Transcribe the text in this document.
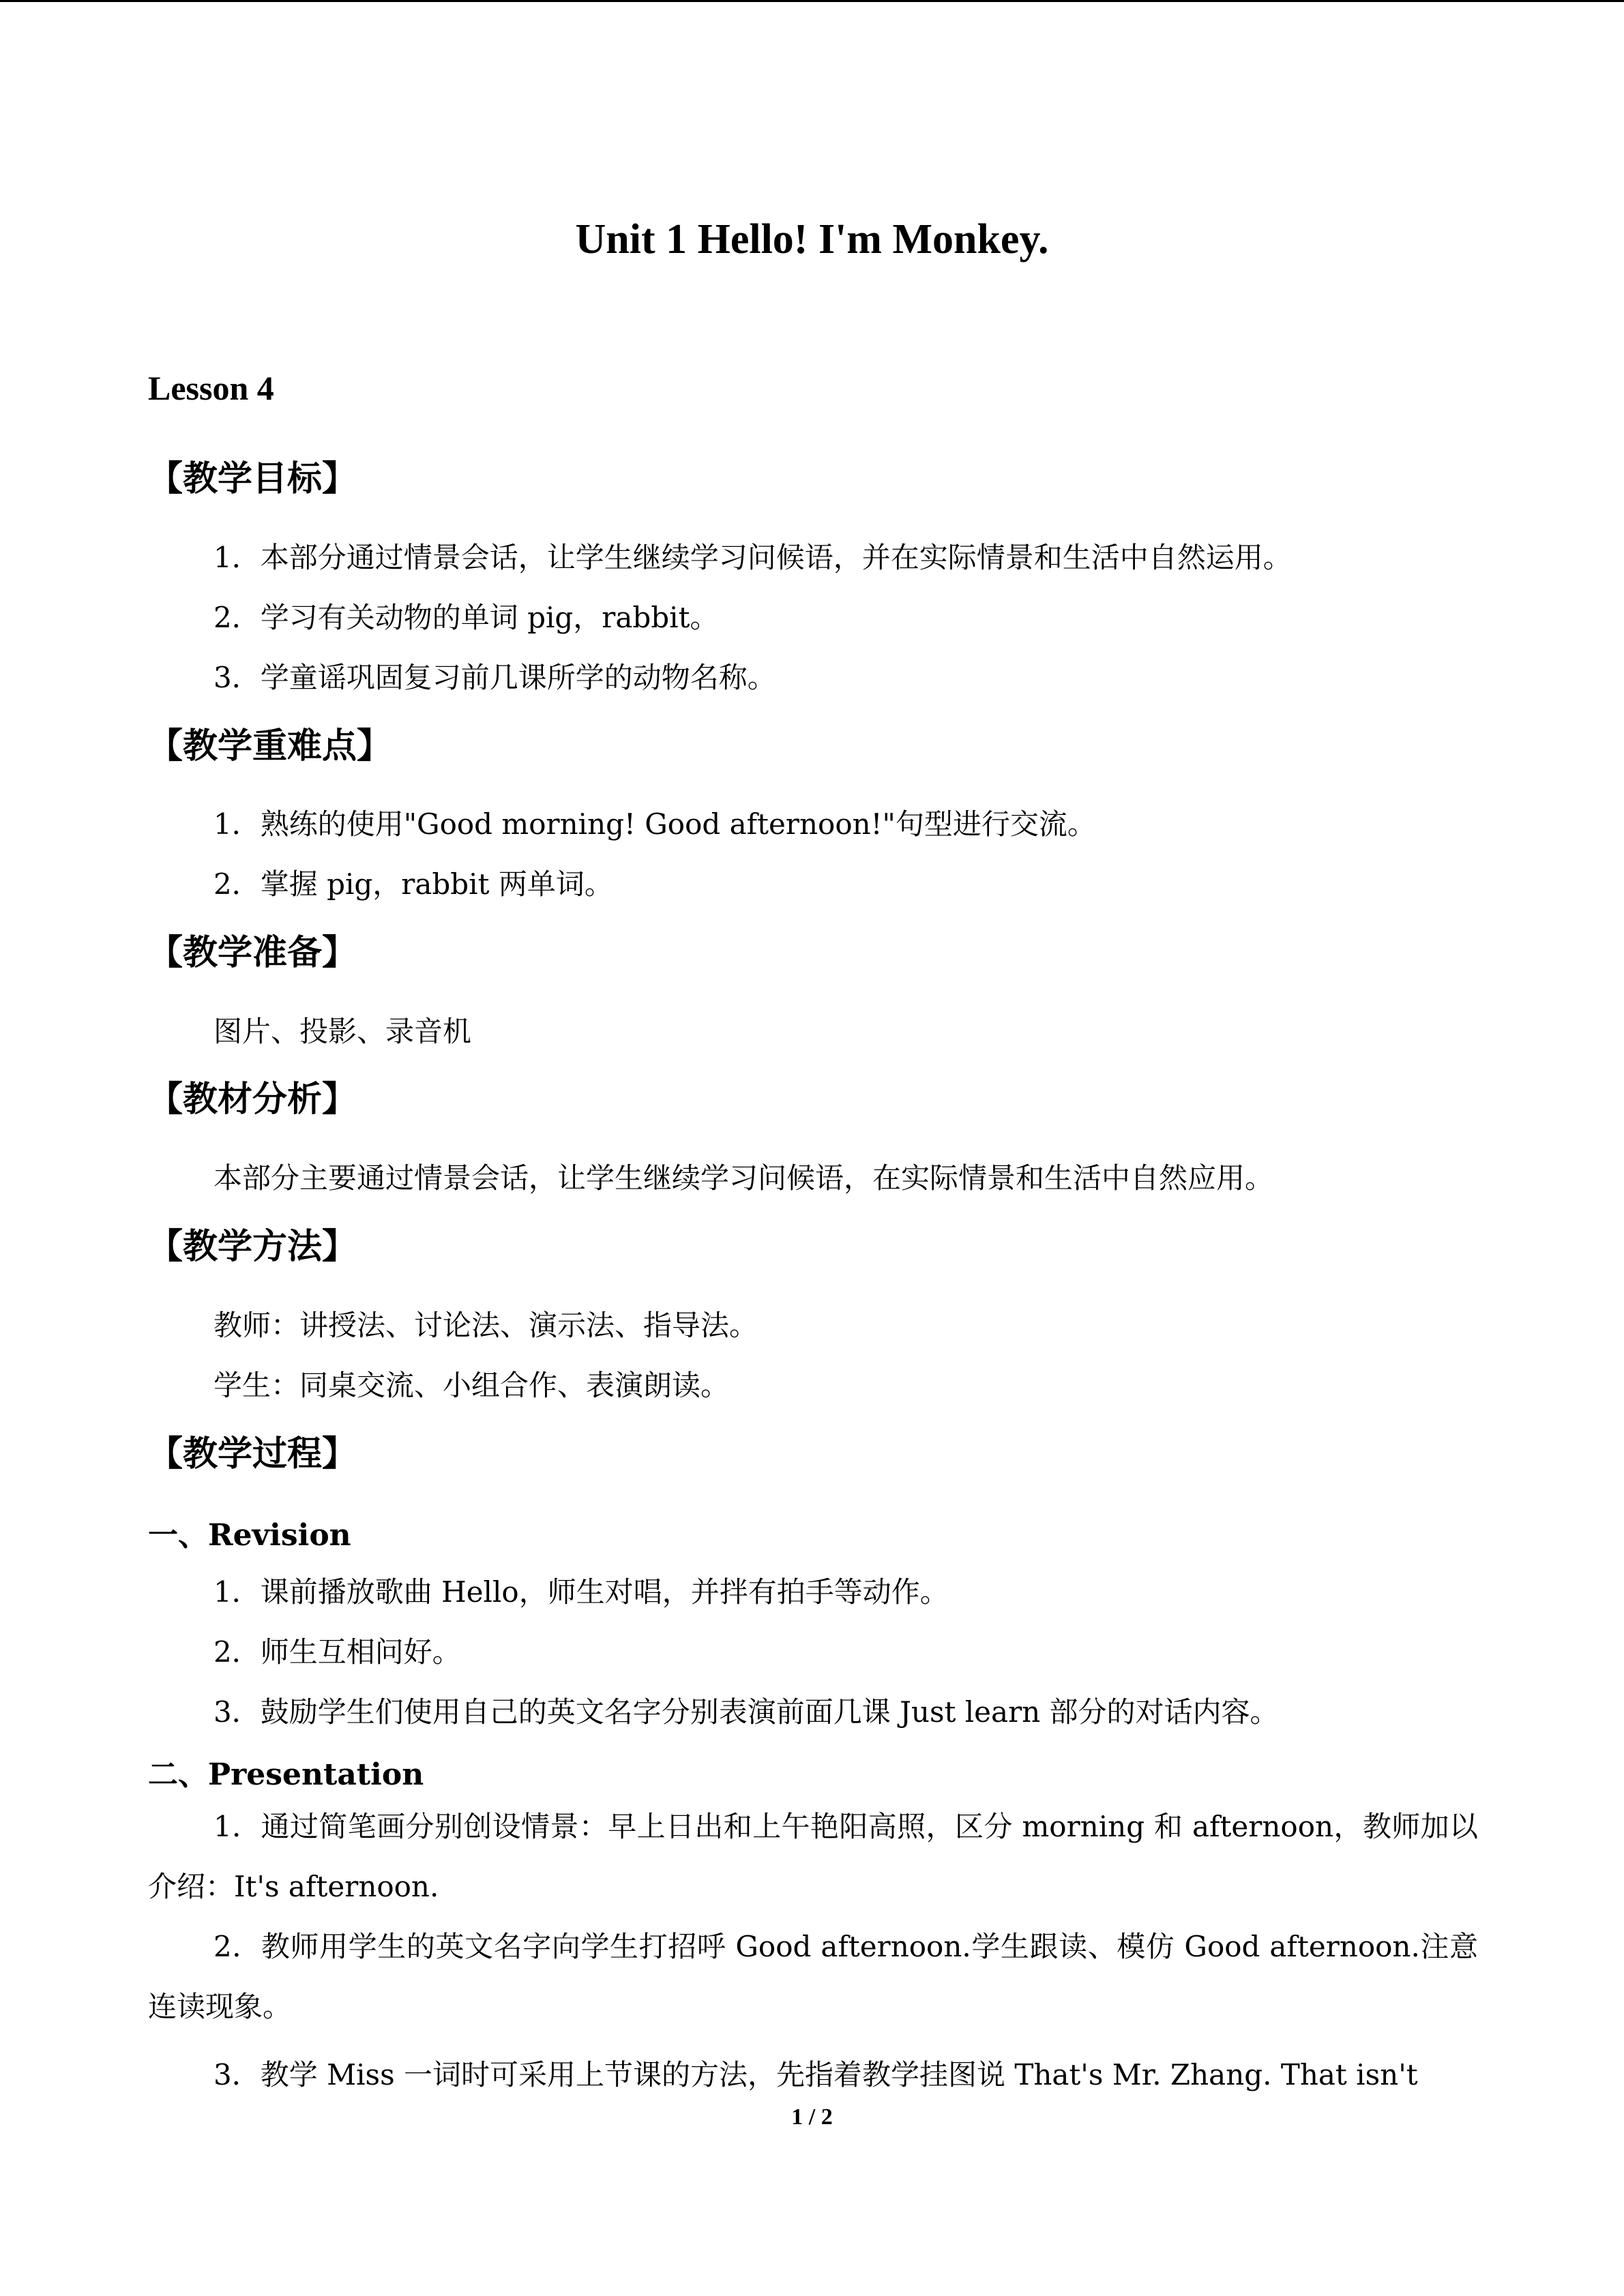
Unit 1 Hello! I'm Monkey.
Lesson 4
【教学目标】
1．本部分通过情景会话，让学生继续学习问候语，并在实际情景和生活中自然运用。
2．学习有关动物的单词 pig，rabbit。
3．学童谣巩固复习前几课所学的动物名称。
【教学重难点】
1．熟练的使用"Good morning! Good afternoon!"句型进行交流。
2．掌握 pig，rabbit 两单词。
【教学准备】
图片、投影、录音机
【教材分析】
本部分主要通过情景会话，让学生继续学习问候语，在实际情景和生活中自然应用。
【教学方法】
教师：讲授法、讨论法、演示法、指导法。
学生：同桌交流、小组合作、表演朗读。
【教学过程】
一、Revision
1．课前播放歌曲 Hello，师生对唱，并拌有拍手等动作。
2．师生互相问好。
3．鼓励学生们使用自己的英文名字分别表演前面几课 Just learn 部分的对话内容。
二、Presentation
1．通过简笔画分别创设情景：早上日出和上午艳阳高照，区分 morning 和 afternoon，教师加以介绍：It's afternoon.
2．教师用学生的英文名字向学生打招呼 Good afternoon.学生跟读、模仿 Good afternoon.注意连读现象。
3．教学 Miss 一词时可采用上节课的方法，先指着教学挂图说 That's Mr. Zhang. That isn't
1 / 2
